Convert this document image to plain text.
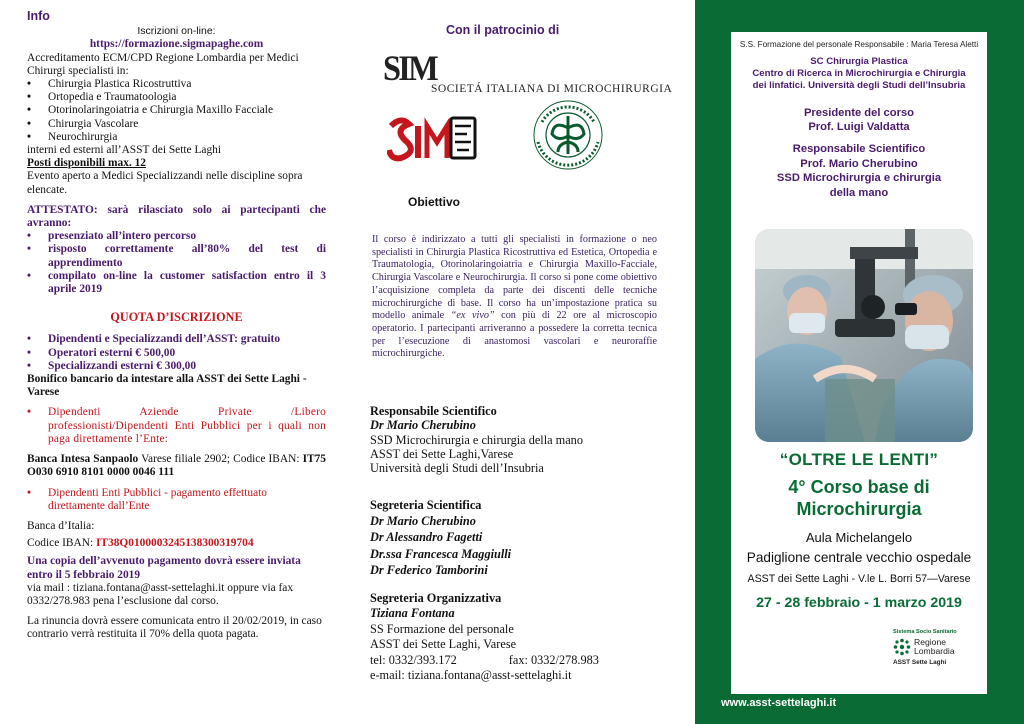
Info
Iscrizioni on-line:
https://formazione.sigmapaghe.com
Accreditamento ECM/CPD Regione Lombardia per Medici Chirurgi specialisti in:
• Chirurgia Plastica Ricostruttiva
• Ortopedia e Traumatoologia
• Otorinolaringoiatria e Chirurgia Maxillo Facciale
• Chirurgia Vascolare
• Neurochirurgia
interni ed esterni all’ASST dei Sette Laghi
Posti disponibili max. 12
Evento aperto a Medici Specializzandi nelle discipline sopra elencate.
ATTESTATO: sarà rilasciato solo ai partecipanti che avranno:
• presenziato all’intero percorso
• risposto correttamente all’80% del test di apprendimento
• compilato on-line la customer satisfaction entro il 3 aprile 2019
QUOTA D’ISCRIZIONE
• Dipendenti e Specializzandi dell’ASST: gratuito
• Operatori esterni € 500,00
• Specializzandi esterni € 300,00
Bonifico bancario da intestare alla ASST dei Sette Laghi - Varese
• Dipendenti Aziende Private /Libero professionisti/Dipendenti Enti Pubblici per i quali non paga direttamente l’Ente:
Banca Intesa Sanpaolo Varese filiale 2902; Codice IBAN: IT75 O030 6910 8101 0000 0046 111
• Dipendenti Enti Pubblici - pagamento effettuato direttamente dall’Ente
Banca d’Italia:
Codice IBAN: IT38Q0100003245138300319704
Una copia dell’avvenuto pagamento dovrà essere inviata entro il 5 febbraio 2019
via mail : tiziana.fontana@asst-settelaghi.it oppure via fax 0332/278.983 pena l’esclusione dal corso.
La rinuncia dovrà essere comunicata entro il 20/02/2019, in caso contrario verrà restituita il 70% della quota pagata.
Con il patrocinio di
SIM
SOCIETÁ ITALIANA DI MICROCHIRURGIA
Obiettivo
Il corso è indirizzato a tutti gli specialisti in formazione o neo specialisti in Chirurgia Plastica Ricostruttiva ed Estetica, Ortopedia e Traumatologia, Otorinolaringoiatria e Chirurgia Maxillo-Facciale, Chirurgia Vascolare e Neurochirurgia. Il corso si pone come obiettivo l’acquisizione completa da parte dei discenti delle tecniche microchirurgiche di base. Il corso ha un’impostazione pratica su modello animale “ex vivo” con più di 22 ore al microscopio operatorio. I partecipanti arriveranno a possedere la corretta tecnica per l’esecuzione di anastomosi vascolari e neuroraffie microchirurgiche.
Responsabile Scientifico
Dr Mario Cherubino
SSD Microchirurgia e chirurgia della mano
ASST dei Sette Laghi,Varese
Università degli Studi dell’Insubria
Segreteria Scientifica
Dr Mario Cherubino
Dr Alessandro Fagetti
Dr.ssa Francesca Maggiulli
Dr Federico Tamborini
Segreteria Organizzativa
Tiziana Fontana
SS Formazione del personale
ASST dei Sette Laghi, Varese
tel: 0332/393.172	fax: 0332/278.983
e-mail: tiziana.fontana@asst-settelaghi.it
S.S. Formazione del personale Responsabile : Maria Teresa Aletti
SC Chirurgia Plastica
Centro di Ricerca in Microchirurgia e Chirurgia
dei linfatici. Università degli Studi dell’Insubria
Presidente del corso
Prof. Luigi Valdatta
Responsabile Scientifico
Prof. Mario Cherubino
SSD Microchirurgia e chirurgia
della mano
“OLTRE LE LENTI”
4° Corso base di
Microchirurgia
Aula Michelangelo
Padiglione centrale vecchio ospedale
ASST dei Sette Laghi - V.le L. Borri 57—Varese
27 - 28 febbraio - 1 marzo 2019
Sistema Socio Sanitario
Regione
Lombardia
ASST Sette Laghi
www.asst-settelaghi.it
